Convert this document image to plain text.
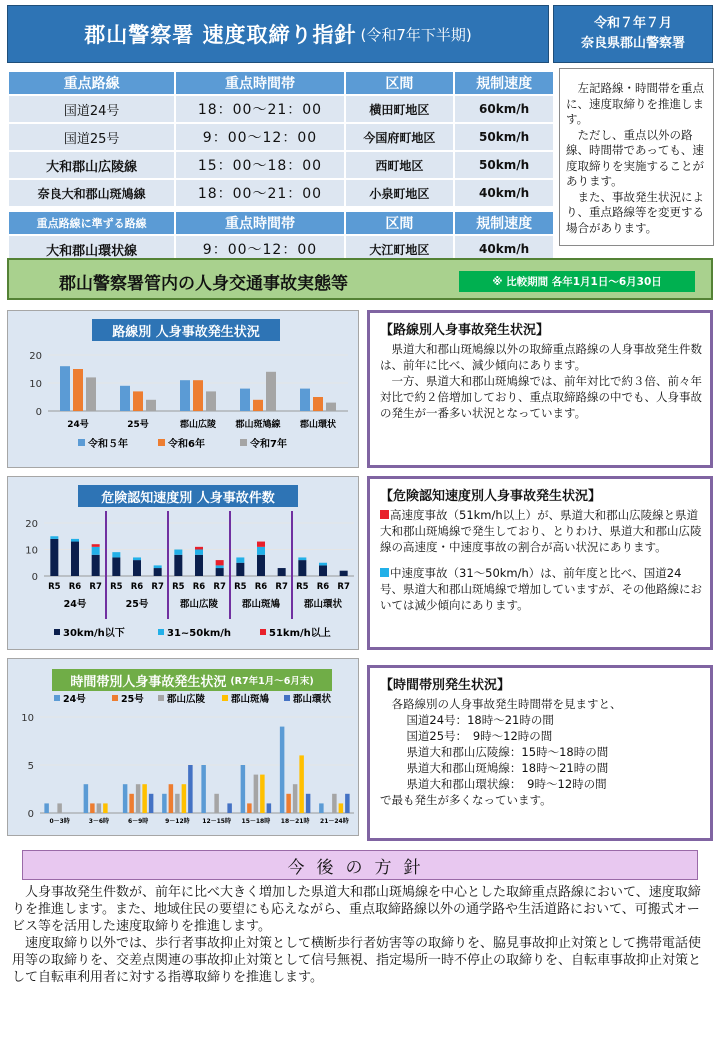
郡山警察署 速度取締り指針 (令和7年下半期)
令和７年７月
奈良県郡山警察署
重点路線	重点時間帯	区間	規制速度
国道24号	18：00～21：00	横田町地区	60km/h
国道25号	9：00～12：00	今国府町地区	50km/h
大和郡山広陵線	15：00～18：00	西町地区	50km/h
奈良大和郡山斑鳩線	18：00～21：00	小泉町地区	40km/h

重点路線に準ずる路線	重点時間帯	区間	規制速度
大和郡山環状線	9：00～12：00	大江町地区	40km/h

左記路線・時間帯を重点に、速度取締りを推進します。

ただし、重点以外の路線、時間帯であっても、速度取締りを実施することがあります。

また、事故発生状況により、重点路線等を変更する場合があります。

郡山警察署管内の人身交通事故実態等	※ 比較期間 各年1月1日～6月30日
路線別 人身事故発生状況
0
10
20
24号	25号	郡山広陵 郡山斑鳩線 郡山環状
令和５年	令和6年	令和7年
危険認知速度別 人身事故件数
0
10
20
R5 R6 R7 R5 R6 R7 R5 R6 R7 R5 R6 R7 R5 R6 R7
24号	25号	郡山広陵	郡山斑鳩	郡山環状
30km/h以下	31~50km/h	51km/h以上
時間帯別人身事故発生状況 (R7年1月～6月末)
0
5
10
0－3時	3－6時	6－9時	9－12時 12－15時 15－18時 18－21時 21－24時
24号	25号 郡山広陵	郡山斑鳩	郡山環状
【路線別人身事故発生状況】

県道大和郡山斑鳩線以外の取締重点路線の人身事故発生件数は、前年に比べ、減少傾向にあります。

一方、県道大和郡山斑鳩線では、前年対比で約３倍、前々年対比で約２倍増加しており、重点取締路線の中でも、人身事故の発生が一番多い状況となっています。

【危険認知速度別人身事故発生状況】

高速度事故（51km/h以上）が、県道大和郡山広陵線と県道大和郡山斑鳩線で発生しており、とりわけ、県道大和郡山広陵線の高速度・中速度事故の割合が高い状況にあります。

中速度事故（31～50km/h）は、前年度と比べ、国道24号、県道大和郡山斑鳩線で増加していますが、その他路線においては減少傾向にあります。

【時間帯別発生状況】

各路線別の人身事故発生時間帯を見ますと、

国道24号：18時～21時の間

国道25号：　9時～12時の間

県道大和郡山広陵線：15時～18時の間

県道大和郡山斑鳩線：18時～21時の間

県道大和郡山環状線：　9時～12時の間

で最も発生が多くなっています。

今後の方針

人身事故発生件数が、前年に比べ大きく増加した県道大和郡山斑鳩線を中心とした取締重点路線において、速度取締りを推進します。また、地域住民の要望にも応えながら、重点取締路線以外の通学路や生活道路において、可搬式オービス等を活用した速度取締りを推進します。

速度取締り以外では、歩行者事故抑止対策として横断歩行者妨害等の取締りを、脇見事故抑止対策として携帯電話使用等の取締りを、交差点関連の事故抑止対策として信号無視、指定場所一時不停止の取締りを、自転車事故抑止対策として自転車利用者に対する指導取締りを推進します。
